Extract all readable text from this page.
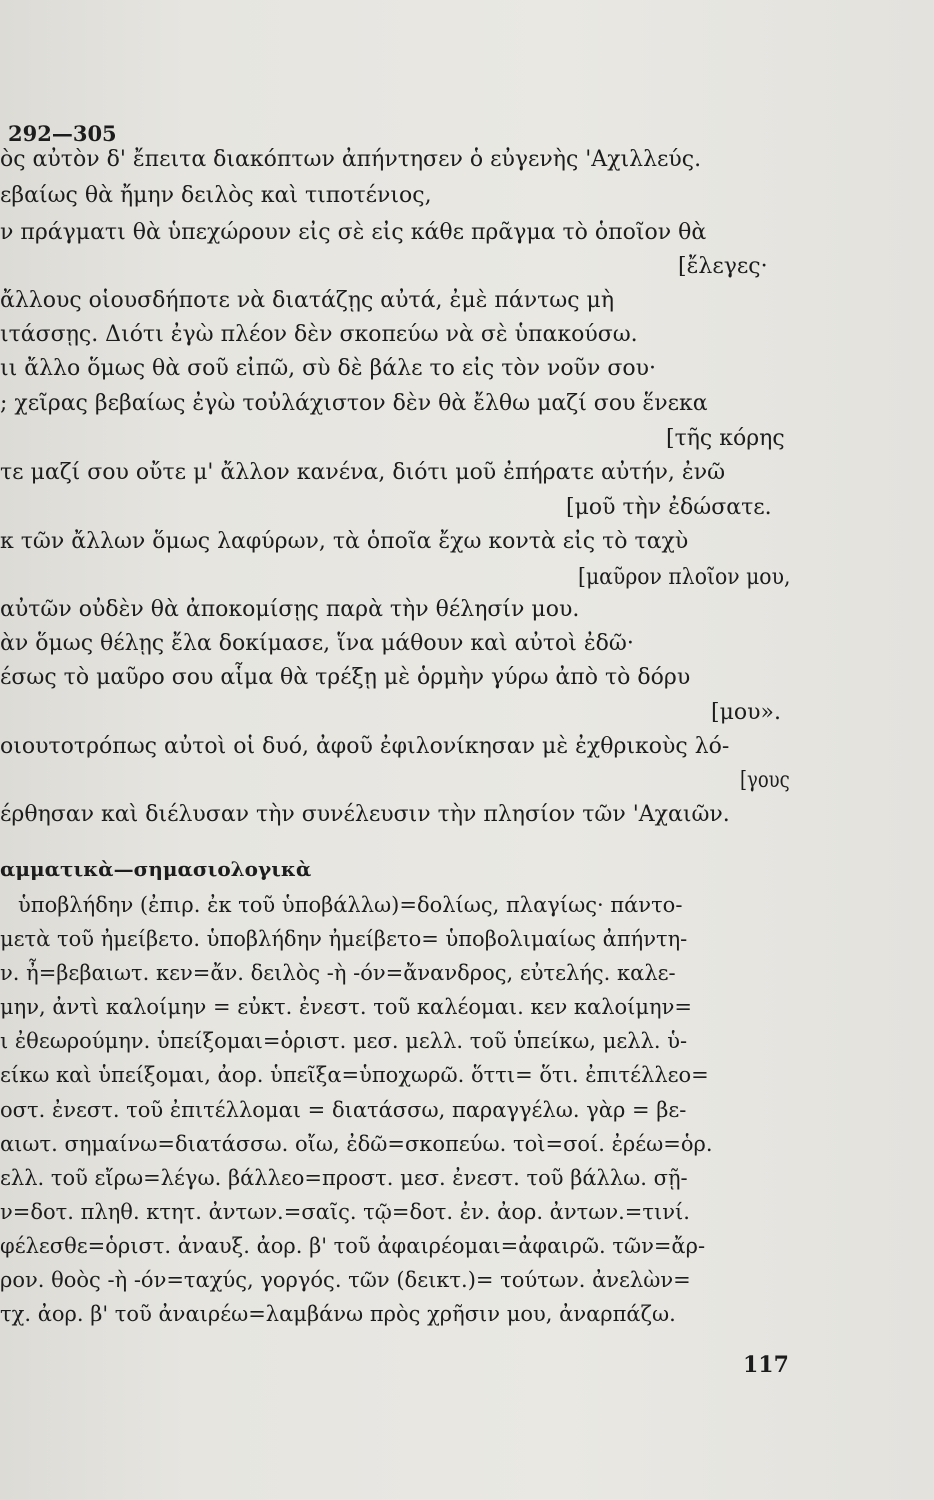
292—305
ὸς αὐτὸν δ' ἔπειτα διακόπτων ἀπήντησεν ὁ εὐγενὴς 'Αχιλλεύς.
εβαίως θὰ ἤμην δειλὸς καὶ τιποτένιος,
ν πράγματι θὰ ὑπεχώρουν εἰς σὲ εἰς κάθε πρᾶγμα τὸ ὁποῖον θὰ
[ἔλεγες·
ἄλλους οἱουσδήποτε νὰ διατάζῃς αὐτά, ἐμὲ πάντως μὴ
ιτάσσῃς. Διότι ἐγὼ πλέον δὲν σκοπεύω νὰ σὲ ὑπακούσω.
ιι ἄλλο ὅμως θὰ σοῦ εἰπῶ, σὺ δὲ βάλε το εἰς τὸν νοῦν σου·
; χεῖρας βεβαίως ἐγὼ τοὐλάχιστον δὲν θὰ ἔλθω μαζί σου ἕνεκα
[τῆς κόρης
τε μαζί σου οὔτε μ' ἄλλον κανένα, διότι μοῦ ἐπήρατε αὐτήν, ἐνῶ
[μοῦ τὴν ἐδώσατε.
κ τῶν ἄλλων ὅμως λαφύρων, τὰ ὁποῖα ἔχω κοντὰ εἰς τὸ ταχὺ
[μαῦρον πλοῖον μου,
αὐτῶν οὐδὲν θὰ ἀποκομίσῃς παρὰ τὴν θέλησίν μου.
ὰν ὅμως θέλῃς ἔλα δοκίμασε, ἵνα μάθουν καὶ αὐτοὶ ἐδῶ·
έσως τὸ μαῦρο σου αἷμα θὰ τρέξῃ μὲ ὁρμὴν γύρω ἀπὸ τὸ δόρυ
[μου».
οιουτοτρόπως αὐτοὶ οἱ δυό, ἀφοῦ ἐφιλονίκησαν μὲ ἐχθρικοὺς λό-
[γους
έρθησαν καὶ διέλυσαν τὴν συνέλευσιν τὴν πλησίον τῶν 'Αχαιῶν.
αμματικὰ—σημασιολογικὰ
ὑποβλήδην (ἐπιρ. ἐκ τοῦ ὑποβάλλω)=δολίως, πλαγίως· πάντο-
μετὰ τοῦ ἠμείβετο. ὑποβλήδην ἠμείβετο= ὑποβολιμαίως ἀπήντη-
ν. ἦ=βεβαιωτ. κεν=ἄν. δειλὸς -ὴ -όν=ἄνανδρος, εὐτελής. καλε-
μην, ἀντὶ καλοίμην = εὐκτ. ἐνεστ. τοῦ καλέομαι. κεν καλοίμην=
ι ἐθεωρούμην. ὑπείξομαι=ὁριστ. μεσ. μελλ. τοῦ ὑπείκω, μελλ. ὑ-
είκω καὶ ὑπείξομαι, ἀορ. ὑπεῖξα=ὑποχωρῶ. ὅττι= ὅτι. ἐπιτέλλεο=
οστ. ἐνεστ. τοῦ ἐπιτέλλομαι = διατάσσω, παραγγέλω. γὰρ = βε-
αιωτ. σημαίνω=διατάσσω. οἴω, ἐδῶ=σκοπεύω. τοὶ=σοί. ἐρέω=ὁρ.
ελλ. τοῦ εἴρω=λέγω. βάλλεο=προστ. μεσ. ἐνεστ. τοῦ βάλλω. σῇ-
ν=δοτ. πληθ. κτητ. ἀντων.=σαῖς. τῷ=δοτ. ἐν. ἀορ. ἀντων.=τινί.
φέλεσθε=ὁριστ. ἀναυξ. ἀορ. β' τοῦ ἀφαιρέομαι=ἀφαιρῶ. τῶν=ἄρ-
ρον. θοὸς -ὴ -όν=ταχύς, γοργός. τῶν (δεικτ.)= τούτων. ἀνελὼν=
τχ. ἀορ. β' τοῦ ἀναιρέω=λαμβάνω πρὸς χρῆσιν μου, ἀναρπάζω.
117
